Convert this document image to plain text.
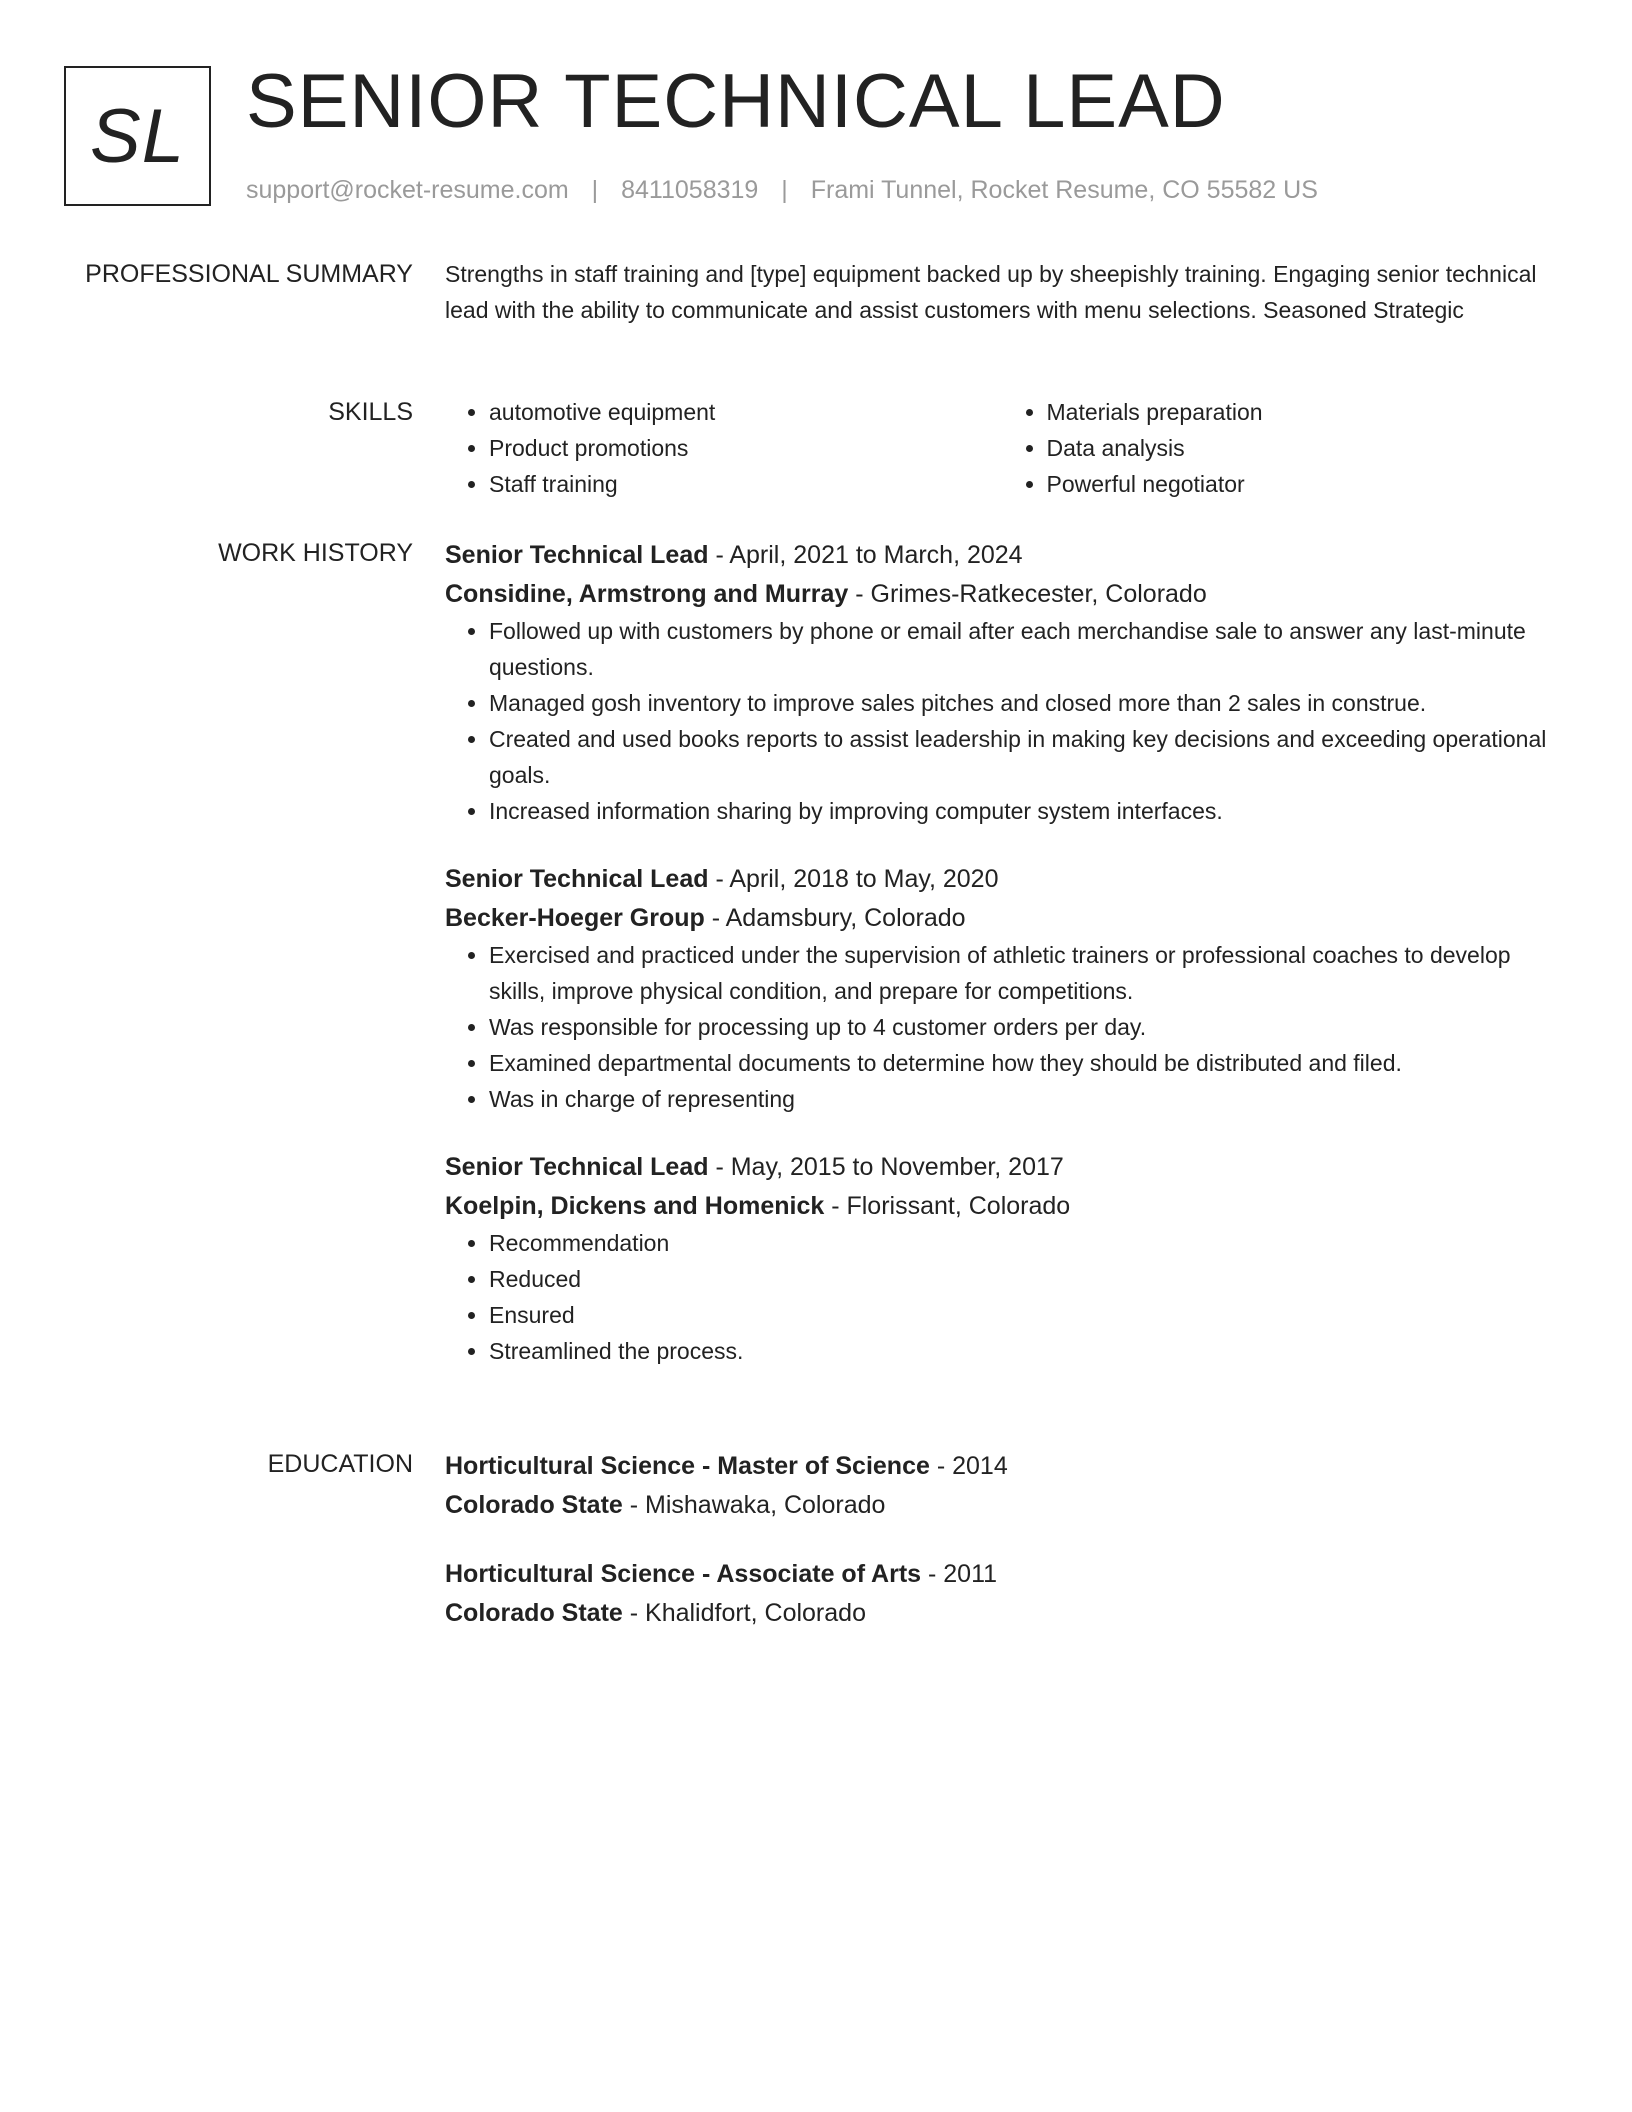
SL SENIOR TECHNICAL LEAD
support@rocket-resume.com | 8411058319 | Frami Tunnel, Rocket Resume, CO 55582 US
PROFESSIONAL SUMMARY Strengths in staff training and [type] equipment backed up by sheepishly training. Engaging senior technical lead with the ability to communicate and assist customers with menu selections. Seasoned Strategic

SKILLS
•	automotive equipment
• Product promotions
• Staff training
• Materials preparation
• Data analysis
• Powerful negotiator
WORK HISTORY Senior Technical Lead - April, 2021 to March, 2024
Considine, Armstrong and Murray - Grimes-Ratkecester, Colorado
• Followed up with customers by phone or email after each merchandise sale to answer any last-minute questions.
• Managed gosh inventory to improve sales pitches and closed more than 2 sales in construe.
• Created and used books reports to assist leadership in making key decisions and exceeding operational goals.
• Increased information sharing by improving computer system interfaces.
Senior Technical Lead - April, 2018 to May, 2020
Becker-Hoeger Group - Adamsbury, Colorado
• Exercised and practiced under the supervision of athletic trainers or professional coaches to develop skills, improve physical condition, and prepare for competitions.
• Was responsible for processing up to 4 customer orders per day.
• Examined departmental documents to determine how they should be distributed and filed.
• Was in charge of representing
Senior Technical Lead - May, 2015 to November, 2017
Koelpin, Dickens and Homenick - Florissant, Colorado
• Recommendation
• Reduced
• Ensured
• Streamlined the process.
EDUCATION Horticultural Science - Master of Science - 2014
Colorado State - Mishawaka, Colorado
Horticultural Science - Associate of Arts - 2011
Colorado State - Khalidfort, Colorado
